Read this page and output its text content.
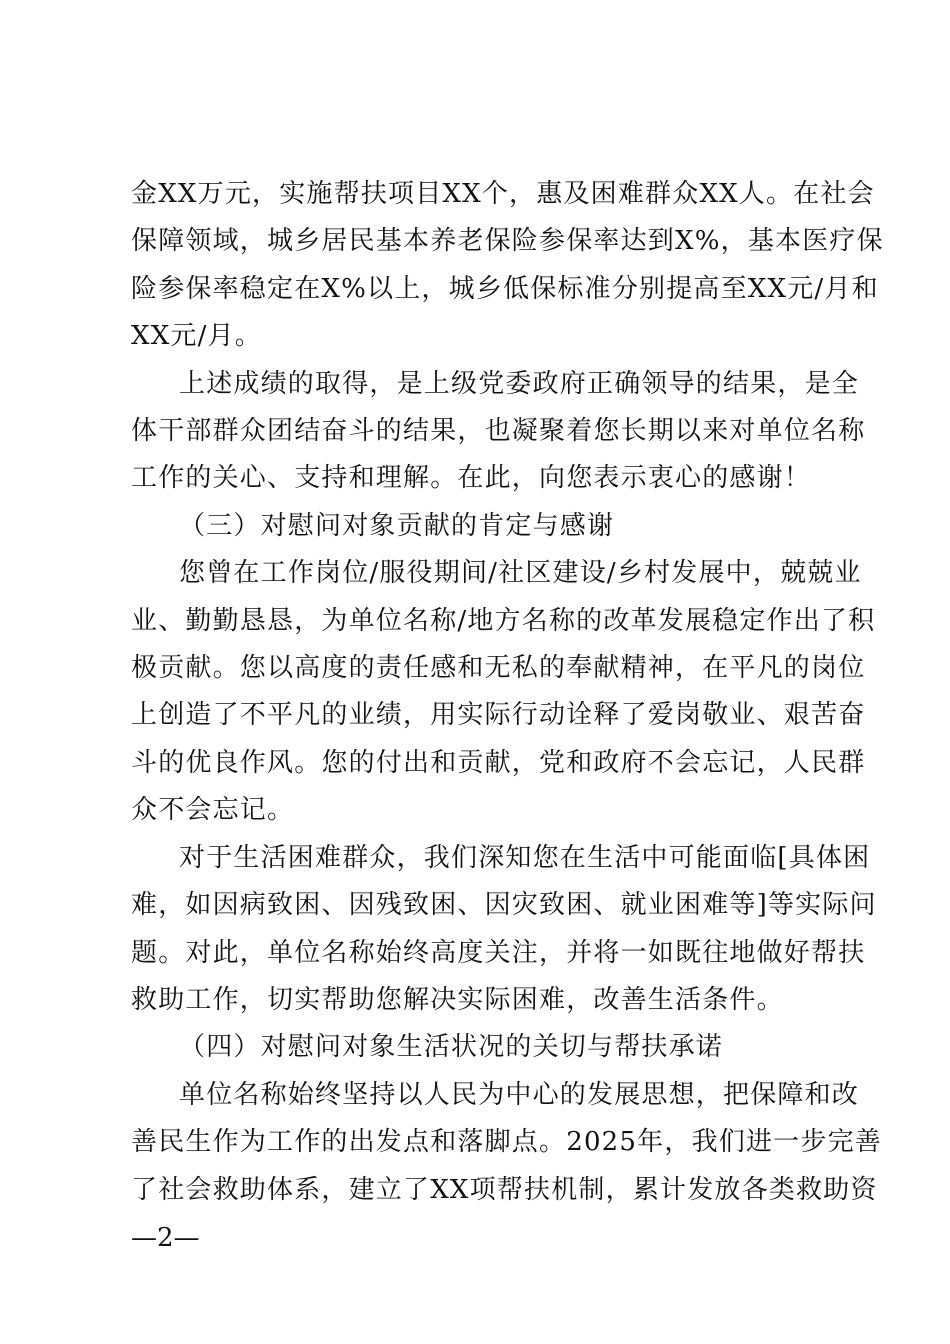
金XX万元，实施帮扶项目XX个，惠及困难群众XX人。在社会
保障领域，城乡居民基本养老保险参保率达到X%，基本医疗保
险参保率稳定在X%以上，城乡低保标准分别提高至XX元/月和
XX元/月。
上述成绩的取得，是上级党委政府正确领导的结果，是全
体干部群众团结奋斗的结果，也凝聚着您长期以来对单位名称
工作的关心、支持和理解。在此，向您表示衷心的感谢！
（三）对慰问对象贡献的肯定与感谢
您曾在工作岗位/服役期间/社区建设/乡村发展中，兢兢业
业、勤勤恳恳，为单位名称/地方名称的改革发展稳定作出了积
极贡献。您以高度的责任感和无私的奉献精神，在平凡的岗位
上创造了不平凡的业绩，用实际行动诠释了爱岗敬业、艰苦奋
斗的优良作风。您的付出和贡献，党和政府不会忘记，人民群
众不会忘记。
对于生活困难群众，我们深知您在生活中可能面临[具体困
难，如因病致困、因残致困、因灾致困、就业困难等]等实际问
题。对此，单位名称始终高度关注，并将一如既往地做好帮扶
救助工作，切实帮助您解决实际困难，改善生活条件。
（四）对慰问对象生活状况的关切与帮扶承诺
单位名称始终坚持以人民为中心的发展思想，把保障和改
善民生作为工作的出发点和落脚点。2025年，我们进一步完善
了社会救助体系，建立了XX项帮扶机制，累计发放各类救助资
—2—
